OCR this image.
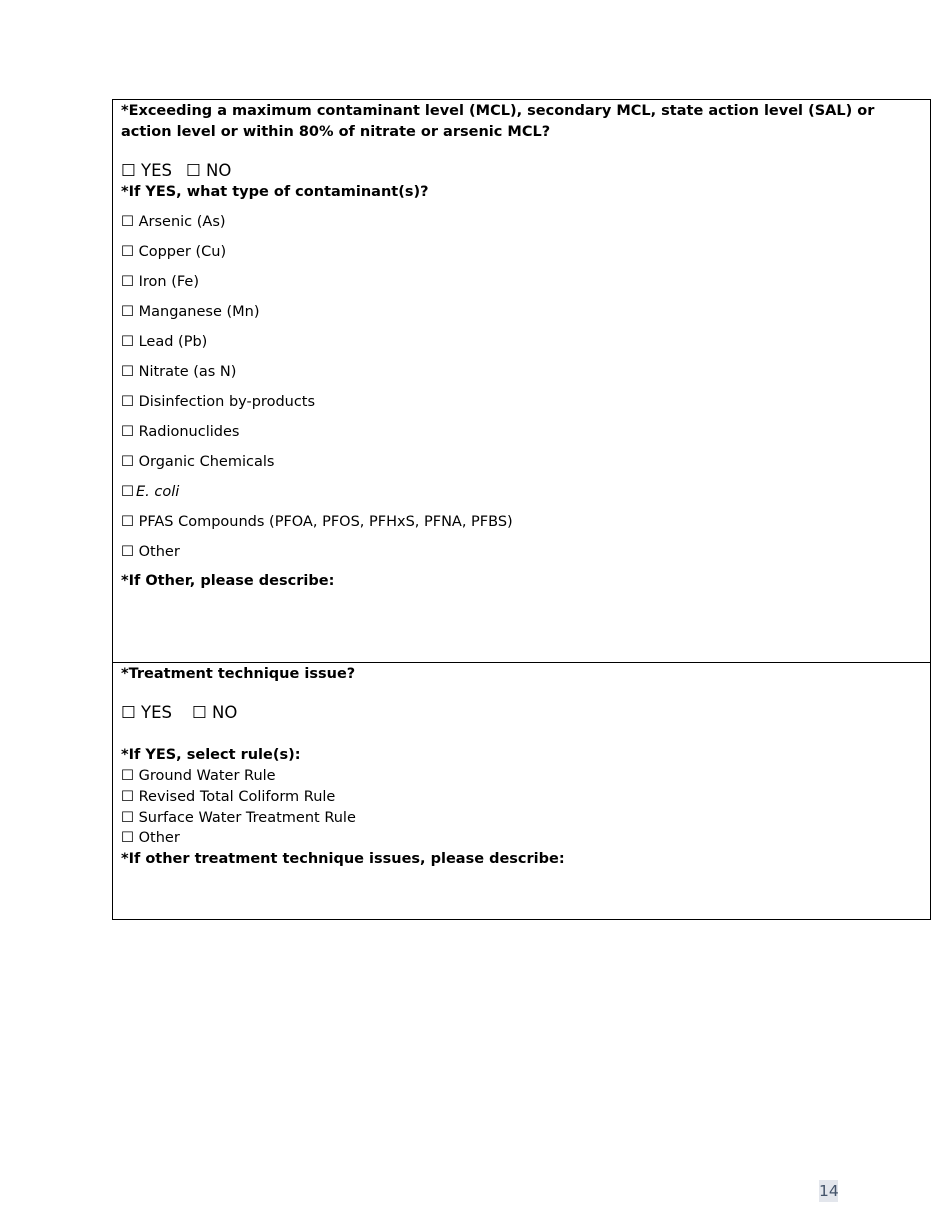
*Exceeding a maximum contaminant level (MCL), secondary MCL, state action level (SAL) or action level or within 80% of nitrate or arsenic MCL?
☐ YES ☐ NO
*If YES, what type of contaminant(s)?
☐ Arsenic (As)
☐ Copper (Cu)
☐ Iron (Fe)
☐ Manganese (Mn)
☐ Lead (Pb)
☐ Nitrate (as N)
☐ Disinfection by-products
☐ Radionuclides
☐ Organic Chemicals
☐ E. coli
☐ PFAS Compounds (PFOA, PFOS, PFHxS, PFNA, PFBS)
☐ Other
*If Other, please describe:

*Treatment technique issue?
☐ YES ☐ NO
*If YES, select rule(s):
☐ Ground Water Rule
☐ Revised Total Coliform Rule
☐ Surface Water Treatment Rule
☐ Other
*If other treatment technique issues, please describe:
14
